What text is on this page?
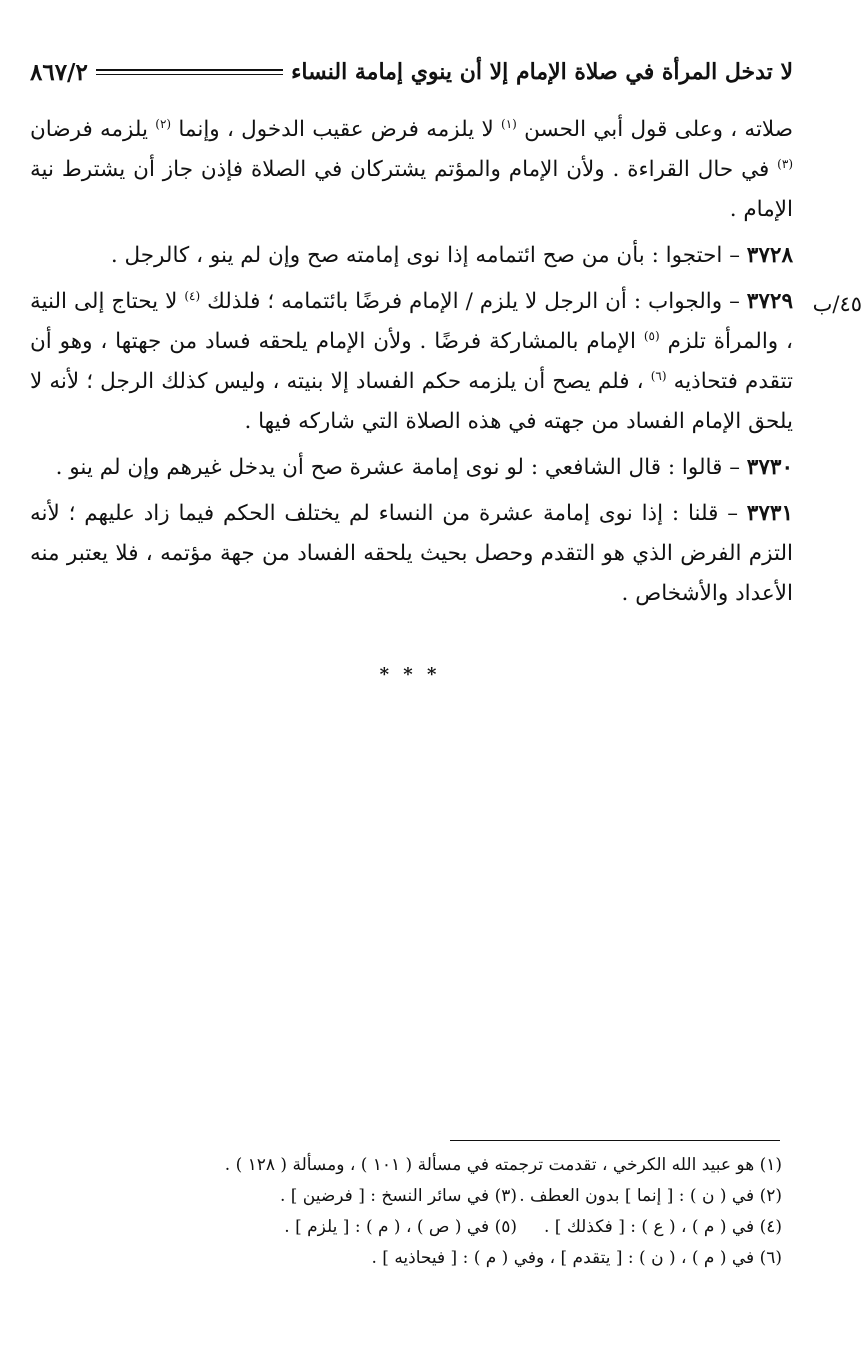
لا تدخل المرأة في صلاة الإمام إلا أن ينوي إمامة النساء
٨٦٧/٢
٤٥/ب

صلاته ، وعلى قول أبي الحسن $^{(١)}$ لا يلزمه فرض عقيب الدخول ، وإنما $^{(٢)}$ يلزمه فرضان $^{(٣)}$ في حال القراءة . ولأن الإمام والمؤتم يشتركان في الصلاة فإذن جاز أن يشترط نية الإمام .

٣٧٢٨ – احتجوا : بأن من صح ائتمامه إذا نوى إمامته صح وإن لم ينو ، كالرجل .

٣٧٢٩ – والجواب : أن الرجل لا يلزم / الإمام فرضًا بائتمامه ؛ فلذلك $^{(٤)}$ لا يحتاج إلى النية ، والمرأة تلزم $^{(٥)}$ الإمام بالمشاركة فرضًا . ولأن الإمام يلحقه فساد من جهتها ، وهو أن تتقدم فتحاذيه $^{(٦)}$ ، فلم يصح أن يلزمه حكم الفساد إلا بنيته ، وليس كذلك الرجل ؛ لأنه لا يلحق الإمام الفساد من جهته في هذه الصلاة التي شاركه فيها .

٣٧٣٠ – قالوا : قال الشافعي : لو نوى إمامة عشرة صح أن يدخل غيرهم وإن لم ينو .

٣٧٣١ – قلنا : إذا نوى إمامة عشرة من النساء لم يختلف الحكم فيما زاد عليهم ؛ لأنه التزم الفرض الذي هو التقدم وحصل بحيث يلحقه الفساد من جهة مؤتمه ، فلا يعتبر منه الأعداد والأشخاص .

* * *
(١) هو عبيد الله الكرخي ، تقدمت ترجمته في مسألة ( ١٠١ ) ، ومسألة ( ١٢٨ ) .
(٢) في ( ن ) : [ إنما ] بدون العطف .
(٣) في سائر النسخ : [ فرضين ] .
(٤) في ( م ) ، ( ع ) : [ فكذلك ] .
(٥) في ( ص ) ، ( م ) : [ يلزم ] .
(٦) في ( م ) ، ( ن ) : [ يتقدم ] ، وفي ( م ) : [ فيحاذيه ] .
